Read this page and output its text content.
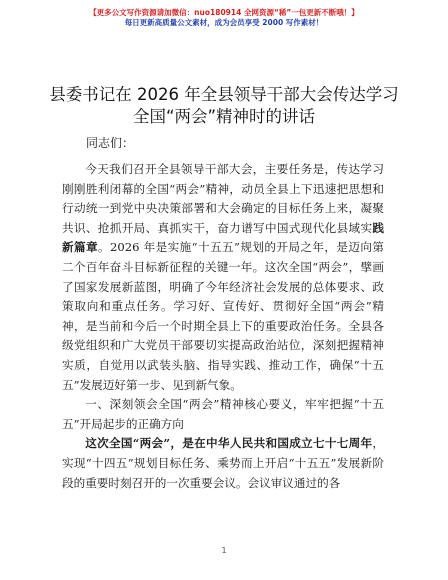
【更多公文写作资源请加微信：nuo180914 全网资源“稀”一包更新不断哦！】
每日更新高质量公文素材，成为会员享受 2000 写作素材！
县委书记在 2026 年全县领导干部大会传达学习
全国“两会”精神时的讲话
同志们：

今天我们召开全县领导干部大会，主要任务是，传达学习刚刚胜利闭幕的全国“两会”精神，动员全县上下迅速把思想和行动统一到党中央决策部署和大会确定的目标任务上来，凝聚共识、抢抓开局、真抓实干，奋力谱写中国式现代化县域实践新篇章。2026 年是实施“十五五”规划的开局之年，是迈向第二个百年奋斗目标新征程的关键一年。这次全国“两会”，擘画了国家发展新蓝图，明确了今年经济社会发展的总体要求、政策取向和重点任务。学习好、宣传好、贯彻好全国“两会”精神，是当前和今后一个时期全县上下的重要政治任务。全县各级党组织和广大党员干部要切实提高政治站位，深刻把握精神实质，自觉用以武装头脑、指导实践、推动工作，确保“十五五”发展迈好第一步、见到新气象。

一、深刻领会全国“两会”精神核心要义，牢牢把握“十五五”开局起步的正确方向

这次全国“两会”，是在中华人民共和国成立七十七周年，实现“十四五”规划目标任务、乘势而上开启“十五五”发展新阶段的重要时刻召开的一次重要会议。会议审议通过的各

1
